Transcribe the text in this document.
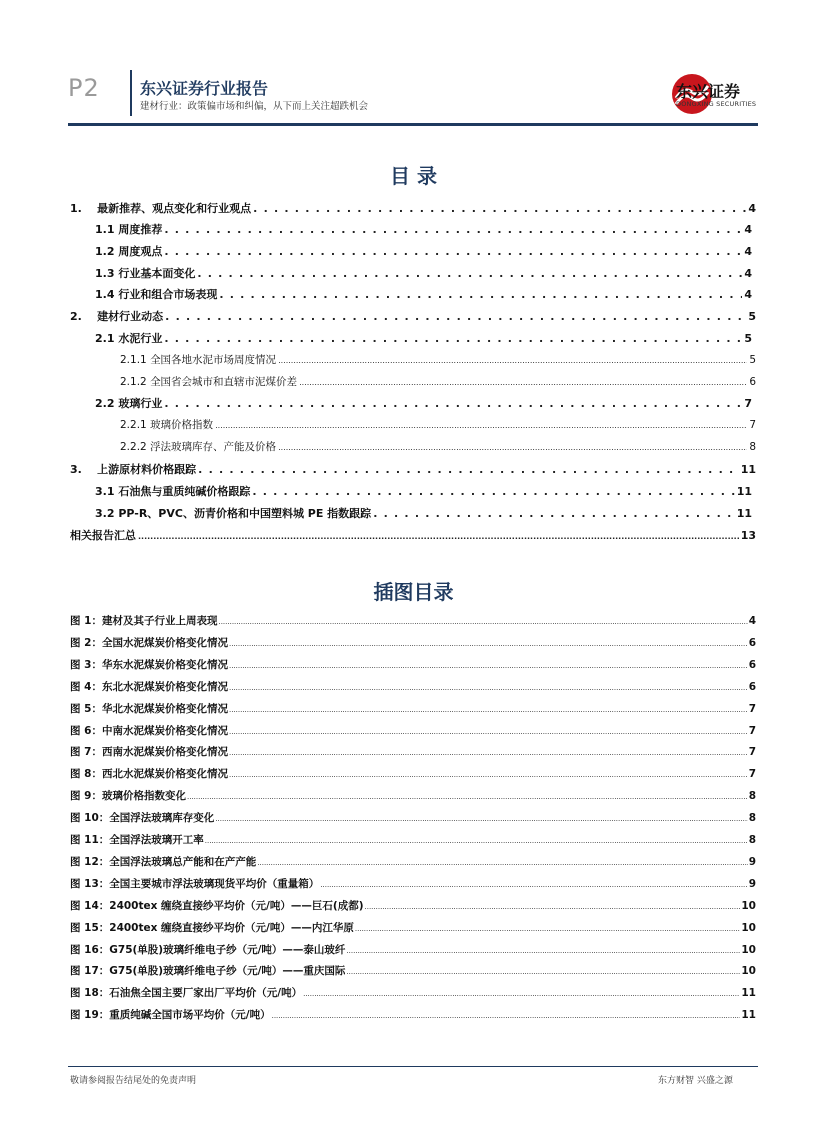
P2	东兴证券行业报告
建材行业：政策偏市场和纠偏，从下而上关注超跌机会
东兴证券
DONGXING SECURITIES
目 录
1. 最新推荐、观点变化和行业观点 . . .	4
1.1 周度推荐 . . .	4
1.2 周度观点 . . .	4
1.3 行业基本面变化 . . .	4
1.4 行业和组合市场表现 . . .	4
2. 建材行业动态 . . .	5
2.1 水泥行业 . . .	5
2.1.1 全国各地水泥市场周度情况 .....	5
2.1.2 全国省会城市和直辖市泥煤价差 .....	6
2.2 玻璃行业 . . .	7
2.2.1 玻璃价格指数 .....	7
2.2.2 浮法玻璃库存、产能及价格 .....	8
3. 上游原材料价格跟踪 . . .	11
3.1 石油焦与重质纯碱价格跟踪 . . .	11
3.2 PP-R、PVC、沥青价格和中国塑料城 PE 指数跟踪 . . .	11
相关报告汇总 .....	13
插图目录
图 1：建材及其子行业上周表现 .....	4
图 2：全国水泥煤炭价格变化情况 .....	6
图 3：华东水泥煤炭价格变化情况 .....	6
图 4：东北水泥煤炭价格变化情况 .....	6
图 5：华北水泥煤炭价格变化情况 .....	7
图 6：中南水泥煤炭价格变化情况 .....	7
图 7：西南水泥煤炭价格变化情况 .....	7
图 8：西北水泥煤炭价格变化情况 .....	7
图 9：玻璃价格指数变化 .....	8
图 10：全国浮法玻璃库存变化 .....	8
图 11：全国浮法玻璃开工率 .....	8
图 12：全国浮法玻璃总产能和在产产能 .....	9
图 13：全国主要城市浮法玻璃现货平均价（重量箱） .....	9
图 14：2400tex 缠绕直接纱平均价（元/吨）——巨石(成都) .....	10
图 15：2400tex 缠绕直接纱平均价（元/吨）——内江华原 .....	10
图 16：G75(单股)玻璃纤维电子纱（元/吨）——泰山玻纤 .....	10
图 17：G75(单股)玻璃纤维电子纱（元/吨）——重庆国际 .....	10
图 18：石油焦全国主要厂家出厂平均价（元/吨） .....	11
图 19：重质纯碱全国市场平均价（元/吨） .....	11
敬请参阅报告结尾处的免责声明	东方财智 兴盛之源
